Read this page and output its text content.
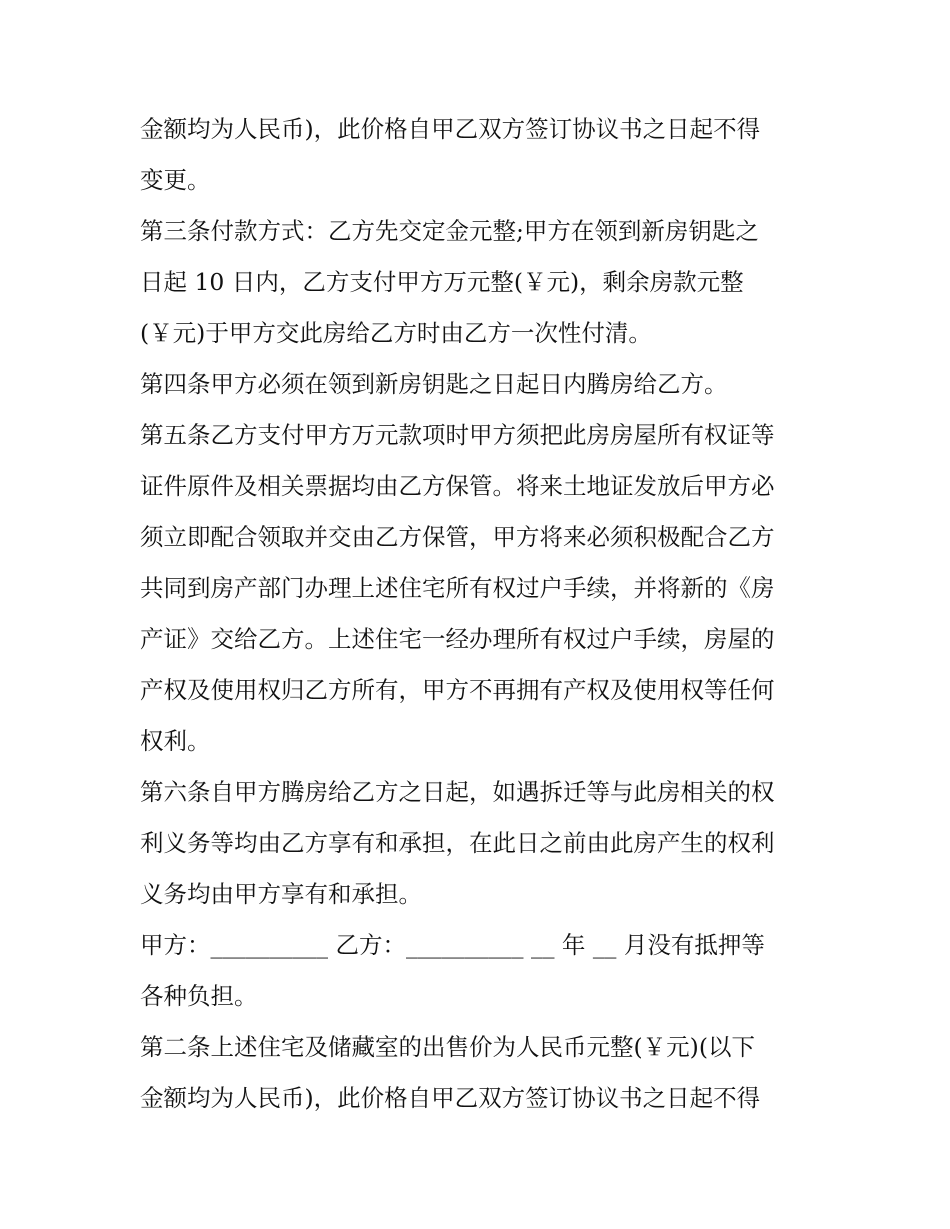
金额均为人民币)，此价格自甲乙双方签订协议书之日起不得
变更。
第三条付款方式：乙方先交定金元整;甲方在领到新房钥匙之
日起 10 日内，乙方支付甲方万元整(￥元)，剩余房款元整
(￥元)于甲方交此房给乙方时由乙方一次性付清。
第四条甲方必须在领到新房钥匙之日起日内腾房给乙方。
第五条乙方支付甲方万元款项时甲方须把此房房屋所有权证等
证件原件及相关票据均由乙方保管。将来土地证发放后甲方必
须立即配合领取并交由乙方保管，甲方将来必须积极配合乙方
共同到房产部门办理上述住宅所有权过户手续，并将新的《房
产证》交给乙方。上述住宅一经办理所有权过户手续，房屋的
产权及使用权归乙方所有，甲方不再拥有产权及使用权等任何
权利。
第六条自甲方腾房给乙方之日起，如遇拆迁等与此房相关的权
利义务等均由乙方享有和承担，在此日之前由此房产生的权利
义务均由甲方享有和承担。
甲方：__________ 乙方：__________ __ 年 __ 月没有抵押等
各种负担。
第二条上述住宅及储藏室的出售价为人民币元整(￥元)(以下
金额均为人民币)，此价格自甲乙双方签订协议书之日起不得
